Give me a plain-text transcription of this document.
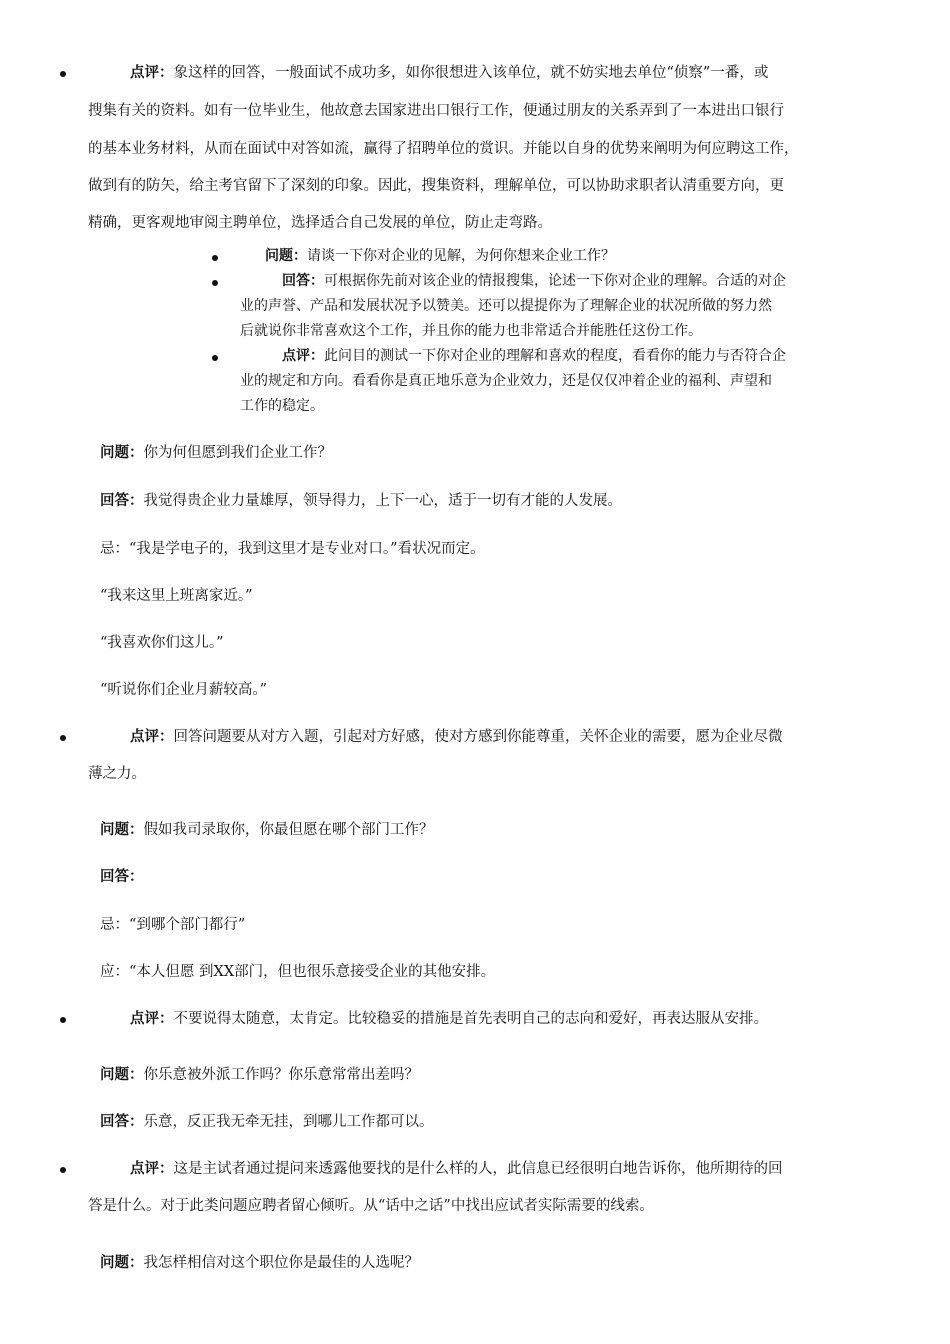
点评：象这样的回答，一般面试不成功多，如你很想进入该单位，就不妨实地去单位“侦察”一番，或
搜集有关的资料。如有一位毕业生，他故意去国家进出口银行工作，便通过朋友的关系弄到了一本进出口银行
的基本业务材料，从而在面试中对答如流，赢得了招聘单位的赏识。并能以自身的优势来阐明为何应聘这工作，
做到有的防矢，给主考官留下了深刻的印象。因此，搜集资料，理解单位，可以协助求职者认清重要方向，更
精确，更客观地审阅主聘单位，选择适合自己发展的单位，防止走弯路。
问题：请谈一下你对企业的见解，为何你想来企业工作？
回答：可根据你先前对该企业的情报搜集，论述一下你对企业的理解。合适的对企
业的声誉、产品和发展状况予以赞美。还可以提提你为了理解企业的状况所做的努力然
后就说你非常喜欢这个工作，并且你的能力也非常适合并能胜任这份工作。
点评：此问目的测试一下你对企业的理解和喜欢的程度，看看你的能力与否符合企
业的规定和方向。看看你是真正地乐意为企业效力，还是仅仅冲着企业的福利、声望和
工作的稳定。
问题：你为何但愿到我们企业工作？
回答：我觉得贵企业力量雄厚，领导得力，上下一心，适于一切有才能的人发展。
忌：“我是学电子的，我到这里才是专业对口。”看状况而定。
“我来这里上班离家近。”
“我喜欢你们这儿。”
“听说你们企业月薪较高。”
点评：回答问题要从对方入题，引起对方好感，使对方感到你能尊重，关怀企业的需要，愿为企业尽微
薄之力。
问题：假如我司录取你，你最但愿在哪个部门工作？
回答：
忌：“到哪个部门都行”
应：“本人但愿 到XX部门，但也很乐意接受企业的其他安排。
点评：不要说得太随意，太肯定。比较稳妥的措施是首先表明自己的志向和爱好，再表达服从安排。
问题：你乐意被外派工作吗？你乐意常常出差吗？
回答：乐意，反正我无牵无挂，到哪儿工作都可以。
点评：这是主试者通过提问来透露他要找的是什么样的人，此信息已经很明白地告诉你，他所期待的回
答是什么。对于此类问题应聘者留心倾听。从“话中之话”中找出应试者实际需要的线索。
问题：我怎样相信对这个职位你是最佳的人选呢？
